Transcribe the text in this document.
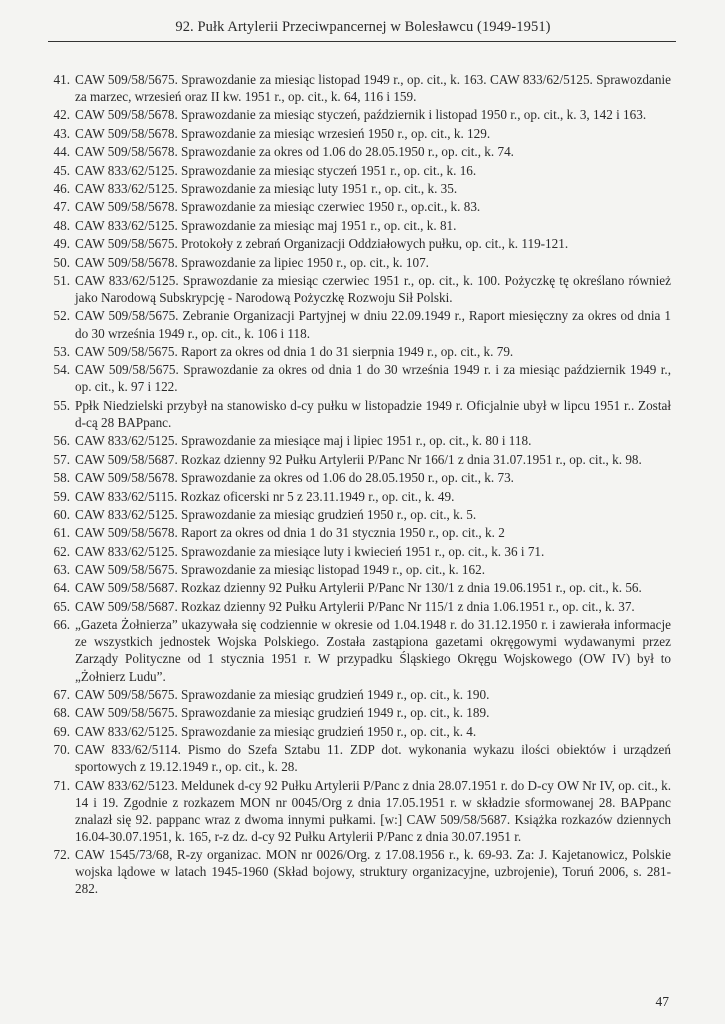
92. Pułk Artylerii Przeciwpancernej w Bolesławcu (1949-1951)
41. CAW 509/58/5675. Sprawozdanie za miesiąc listopad 1949 r., op. cit., k. 163. CAW 833/62/5125. Sprawozdanie za marzec, wrzesień oraz II kw. 1951 r., op. cit., k. 64, 116 i 159.
42. CAW 509/58/5678. Sprawozdanie za miesiąc styczeń, październik i listopad 1950 r., op. cit., k. 3, 142 i 163.
43. CAW 509/58/5678. Sprawozdanie za miesiąc wrzesień 1950 r., op. cit., k. 129.
44. CAW 509/58/5678. Sprawozdanie za okres od 1.06 do 28.05.1950 r., op. cit., k. 74.
45. CAW 833/62/5125. Sprawozdanie za miesiąc styczeń 1951 r., op. cit., k. 16.
46. CAW 833/62/5125. Sprawozdanie za miesiąc luty 1951 r., op. cit., k. 35.
47. CAW 509/58/5678. Sprawozdanie za miesiąc czerwiec 1950 r., op.cit., k. 83.
48. CAW 833/62/5125. Sprawozdanie za miesiąc maj 1951 r., op. cit., k. 81.
49. CAW 509/58/5675. Protokoły z zebrań Organizacji Oddziałowych pułku, op. cit., k. 119-121.
50. CAW 509/58/5678. Sprawozdanie za lipiec 1950 r., op. cit., k. 107.
51. CAW 833/62/5125. Sprawozdanie za miesiąc czerwiec 1951 r., op. cit., k. 100. Pożyczkę tę określano również jako Narodową Subskrypcję - Narodową Pożyczkę Rozwoju Sił Polski.
52. CAW 509/58/5675. Zebranie Organizacji Partyjnej w dniu 22.09.1949 r., Raport miesięczny za okres od dnia 1 do 30 września 1949 r., op. cit., k. 106 i 118.
53. CAW 509/58/5675. Raport za okres od dnia 1 do 31 sierpnia 1949 r., op. cit., k. 79.
54. CAW 509/58/5675. Sprawozdanie za okres od dnia 1 do 30 września 1949 r. i za miesiąc październik 1949 r., op. cit., k. 97 i 122.
55. Ppłk Niedzielski przybył na stanowisko d-cy pułku w listopadzie 1949 r. Oficjalnie ubył w lipcu 1951 r.. Został d-cą 28 BAPpanc.
56. CAW 833/62/5125. Sprawozdanie za miesiące maj i lipiec 1951 r., op. cit., k. 80 i 118.
57. CAW 509/58/5687. Rozkaz dzienny 92 Pułku Artylerii P/Panc Nr 166/1 z dnia 31.07.1951 r., op. cit., k. 98.
58. CAW 509/58/5678. Sprawozdanie za okres od 1.06 do 28.05.1950 r., op. cit., k. 73.
59. CAW 833/62/5115. Rozkaz oficerski nr 5 z 23.11.1949 r., op. cit., k. 49.
60. CAW 833/62/5125. Sprawozdanie za miesiąc grudzień 1950 r., op. cit., k. 5.
61. CAW 509/58/5678. Raport za okres od dnia 1 do 31 stycznia 1950 r., op. cit., k. 2
62. CAW 833/62/5125. Sprawozdanie za miesiące luty i kwiecień 1951 r., op. cit., k. 36 i 71.
63. CAW 509/58/5675. Sprawozdanie za miesiąc listopad 1949 r., op. cit., k. 162.
64. CAW 509/58/5687. Rozkaz dzienny 92 Pułku Artylerii P/Panc Nr 130/1 z dnia 19.06.1951 r., op. cit., k. 56.
65. CAW 509/58/5687. Rozkaz dzienny 92 Pułku Artylerii P/Panc Nr 115/1 z dnia 1.06.1951 r., op. cit., k. 37.
66. „Gazeta Żołnierza” ukazywała się codziennie w okresie od 1.04.1948 r. do 31.12.1950 r. i zawierała informacje ze wszystkich jednostek Wojska Polskiego. Została zastąpiona gazetami okręgowymi wydawanymi przez Zarządy Polityczne od 1 stycznia 1951 r. W przypadku Śląskiego Okręgu Wojskowego (OW IV) był to „Żołnierz Ludu”.
67. CAW 509/58/5675. Sprawozdanie za miesiąc grudzień 1949 r., op. cit., k. 190.
68. CAW 509/58/5675. Sprawozdanie za miesiąc grudzień 1949 r., op. cit., k. 189.
69. CAW 833/62/5125. Sprawozdanie za miesiąc grudzień 1950 r., op. cit., k. 4.
70. CAW 833/62/5114. Pismo do Szefa Sztabu 11. ZDP dot. wykonania wykazu ilości obiektów i urządzeń sportowych z 19.12.1949 r., op. cit., k. 28.
71. CAW 833/62/5123. Meldunek d-cy 92 Pułku Artylerii P/Panc z dnia 28.07.1951 r. do D-cy OW Nr IV, op. cit., k. 14 i 19. Zgodnie z rozkazem MON nr 0045/Org z dnia 17.05.1951 r. w składzie sformowanej 28. BAPpanc znalazł się 92. pappanc wraz z dwoma innymi pułkami. [w:] CAW 509/58/5687. Książka rozkazów dziennych 16.04-30.07.1951, k. 165, r-z dz. d-cy 92 Pułku Artylerii P/Panc z dnia 30.07.1951 r.
72. CAW 1545/73/68, R-zy organizac. MON nr 0026/Org. z 17.08.1956 r., k. 69-93. Za: J. Kajetanowicz, Polskie wojska lądowe w latach 1945-1960 (Skład bojowy, struktury organizacyjne, uzbrojenie), Toruń 2006, s. 281-282.
47
